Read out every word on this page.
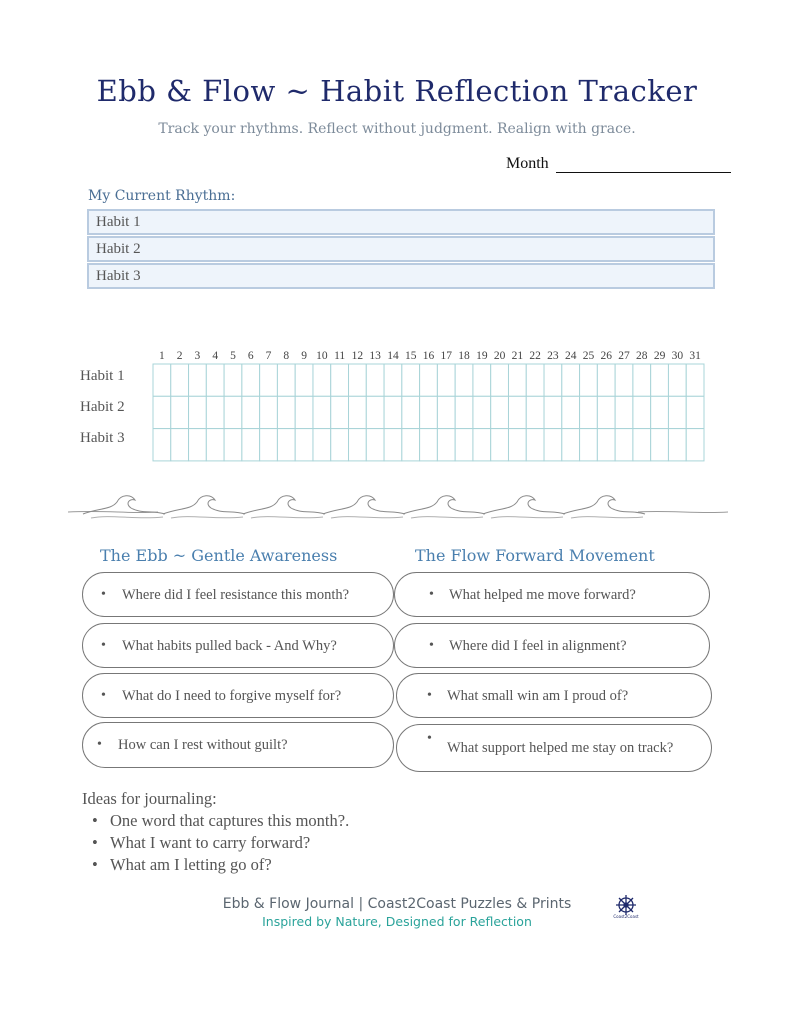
Ebb & Flow ~ Habit Reflection Tracker
Track your rhythms. Reflect without judgment. Realign with grace.
Month
My Current Rhythm:
Habit 1
Habit 2
Habit 3
Habit 1
Habit 2
Habit 3
1 2 3 4 5 6 7 8 9 10 11 12 13 14 15 16 17 18 19 20 21 22 23 24 25 26 27 28 29 30 31
The Ebb ~ Gentle Awareness	The Flow Forward Movement
• Where did I feel resistance this month?
• What habits pulled back - And Why?
• What do I need to forgive myself for?
• How can I rest without guilt?
• What helped me move forward?
• Where did I feel in alignment?
• What small win am I proud of?
•
What support helped me stay on track?
Ideas for journaling:
• One word that captures this month?.
• What I want to carry forward?
• What am I letting go of?
Ebb & Flow Journal | Coast2Coast Puzzles & Prints
Inspired by Nature, Designed for Reflection	Coast2Coast
